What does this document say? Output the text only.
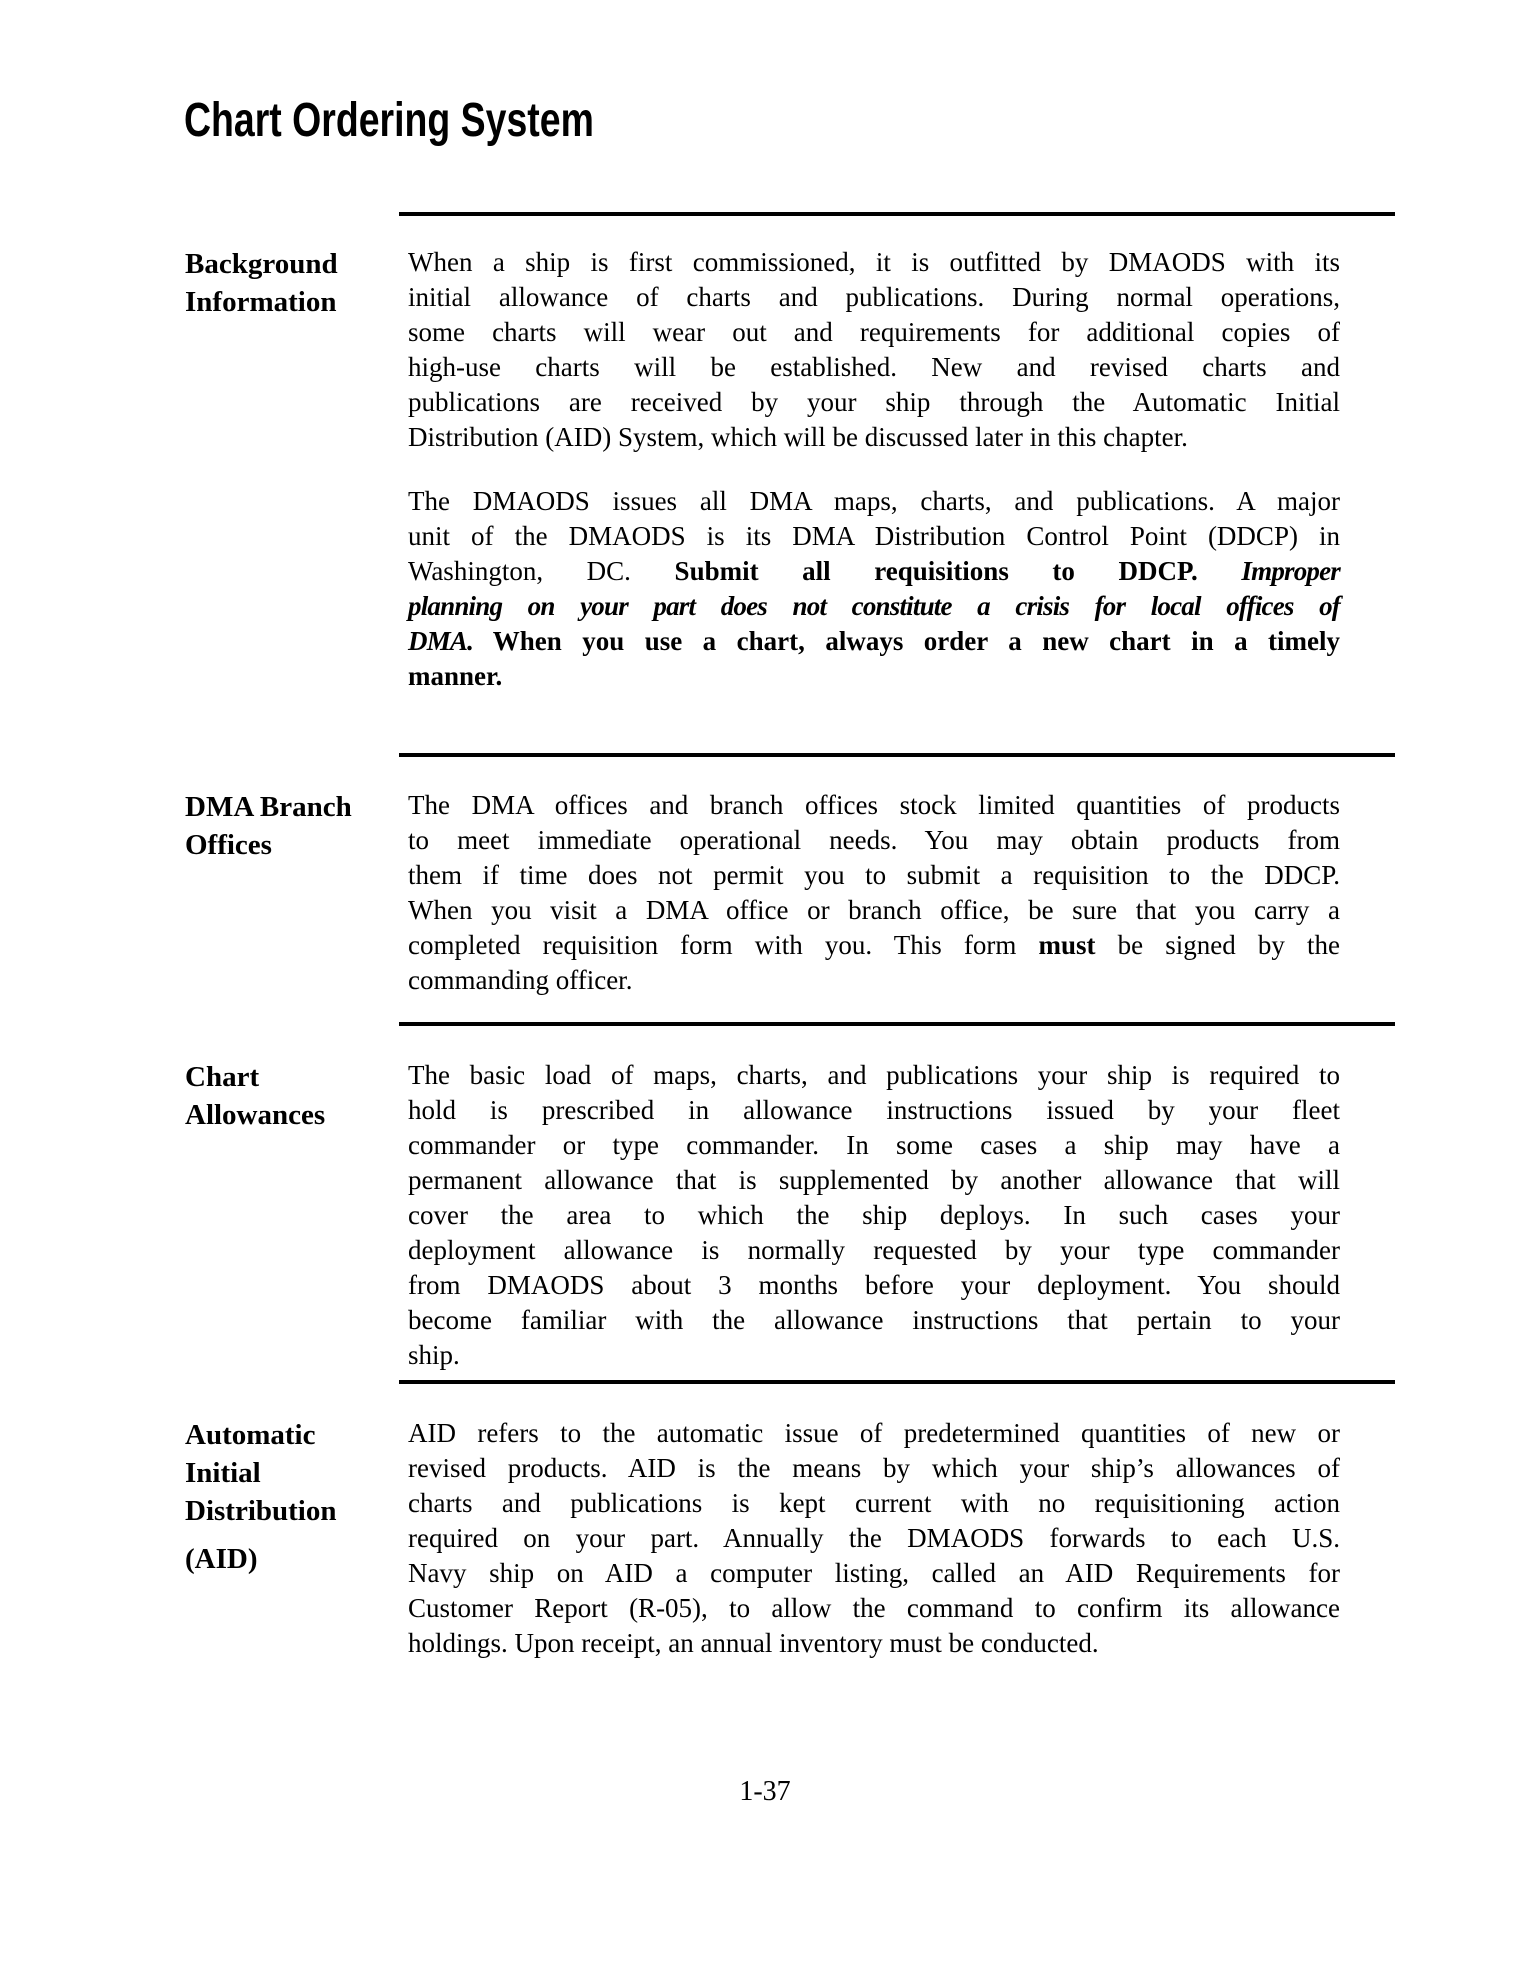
Chart Ordering System
Background
Information
When a ship is first commissioned, it is outfitted by DMAODS with its
initial allowance of charts and publications. During normal operations,
some charts will wear out and requirements for additional copies of
high-use charts will be established. New and revised charts and
publications are received by your ship through the Automatic Initial
Distribution (AID) System, which will be discussed later in this chapter.
The DMAODS issues all DMA maps, charts, and publications. A major
unit of the DMAODS is its DMA Distribution Control Point (DDCP) in
Washington, DC. Submit all requisitions to DDCP. Improper
planning on your part does not constitute a crisis for local offices of
DMA. When you use a chart, always order a new chart in a timely
manner.
DMA Branch
Offices
The DMA offices and branch offices stock limited quantities of products
to meet immediate operational needs. You may obtain products from
them if time does not permit you to submit a requisition to the DDCP.
When you visit a DMA office or branch office, be sure that you carry a
completed requisition form with you. This form must be signed by the
commanding officer.
Chart
Allowances
The basic load of maps, charts, and publications your ship is required to
hold is prescribed in allowance instructions issued by your fleet
commander or type commander. In some cases a ship may have a
permanent allowance that is supplemented by another allowance that will
cover the area to which the ship deploys. In such cases your
deployment allowance is normally requested by your type commander
from DMAODS about 3 months before your deployment. You should
become familiar with the allowance instructions that pertain to your
ship.
Automatic
Initial
Distribution
(AID)
AID refers to the automatic issue of predetermined quantities of new or
revised products. AID is the means by which your ship’s allowances of
charts and publications is kept current with no requisitioning action
required on your part. Annually the DMAODS forwards to each U.S.
Navy ship on AID a computer listing, called an AID Requirements for
Customer Report (R-05), to allow the command to confirm its allowance
holdings. Upon receipt, an annual inventory must be conducted.
1-37
